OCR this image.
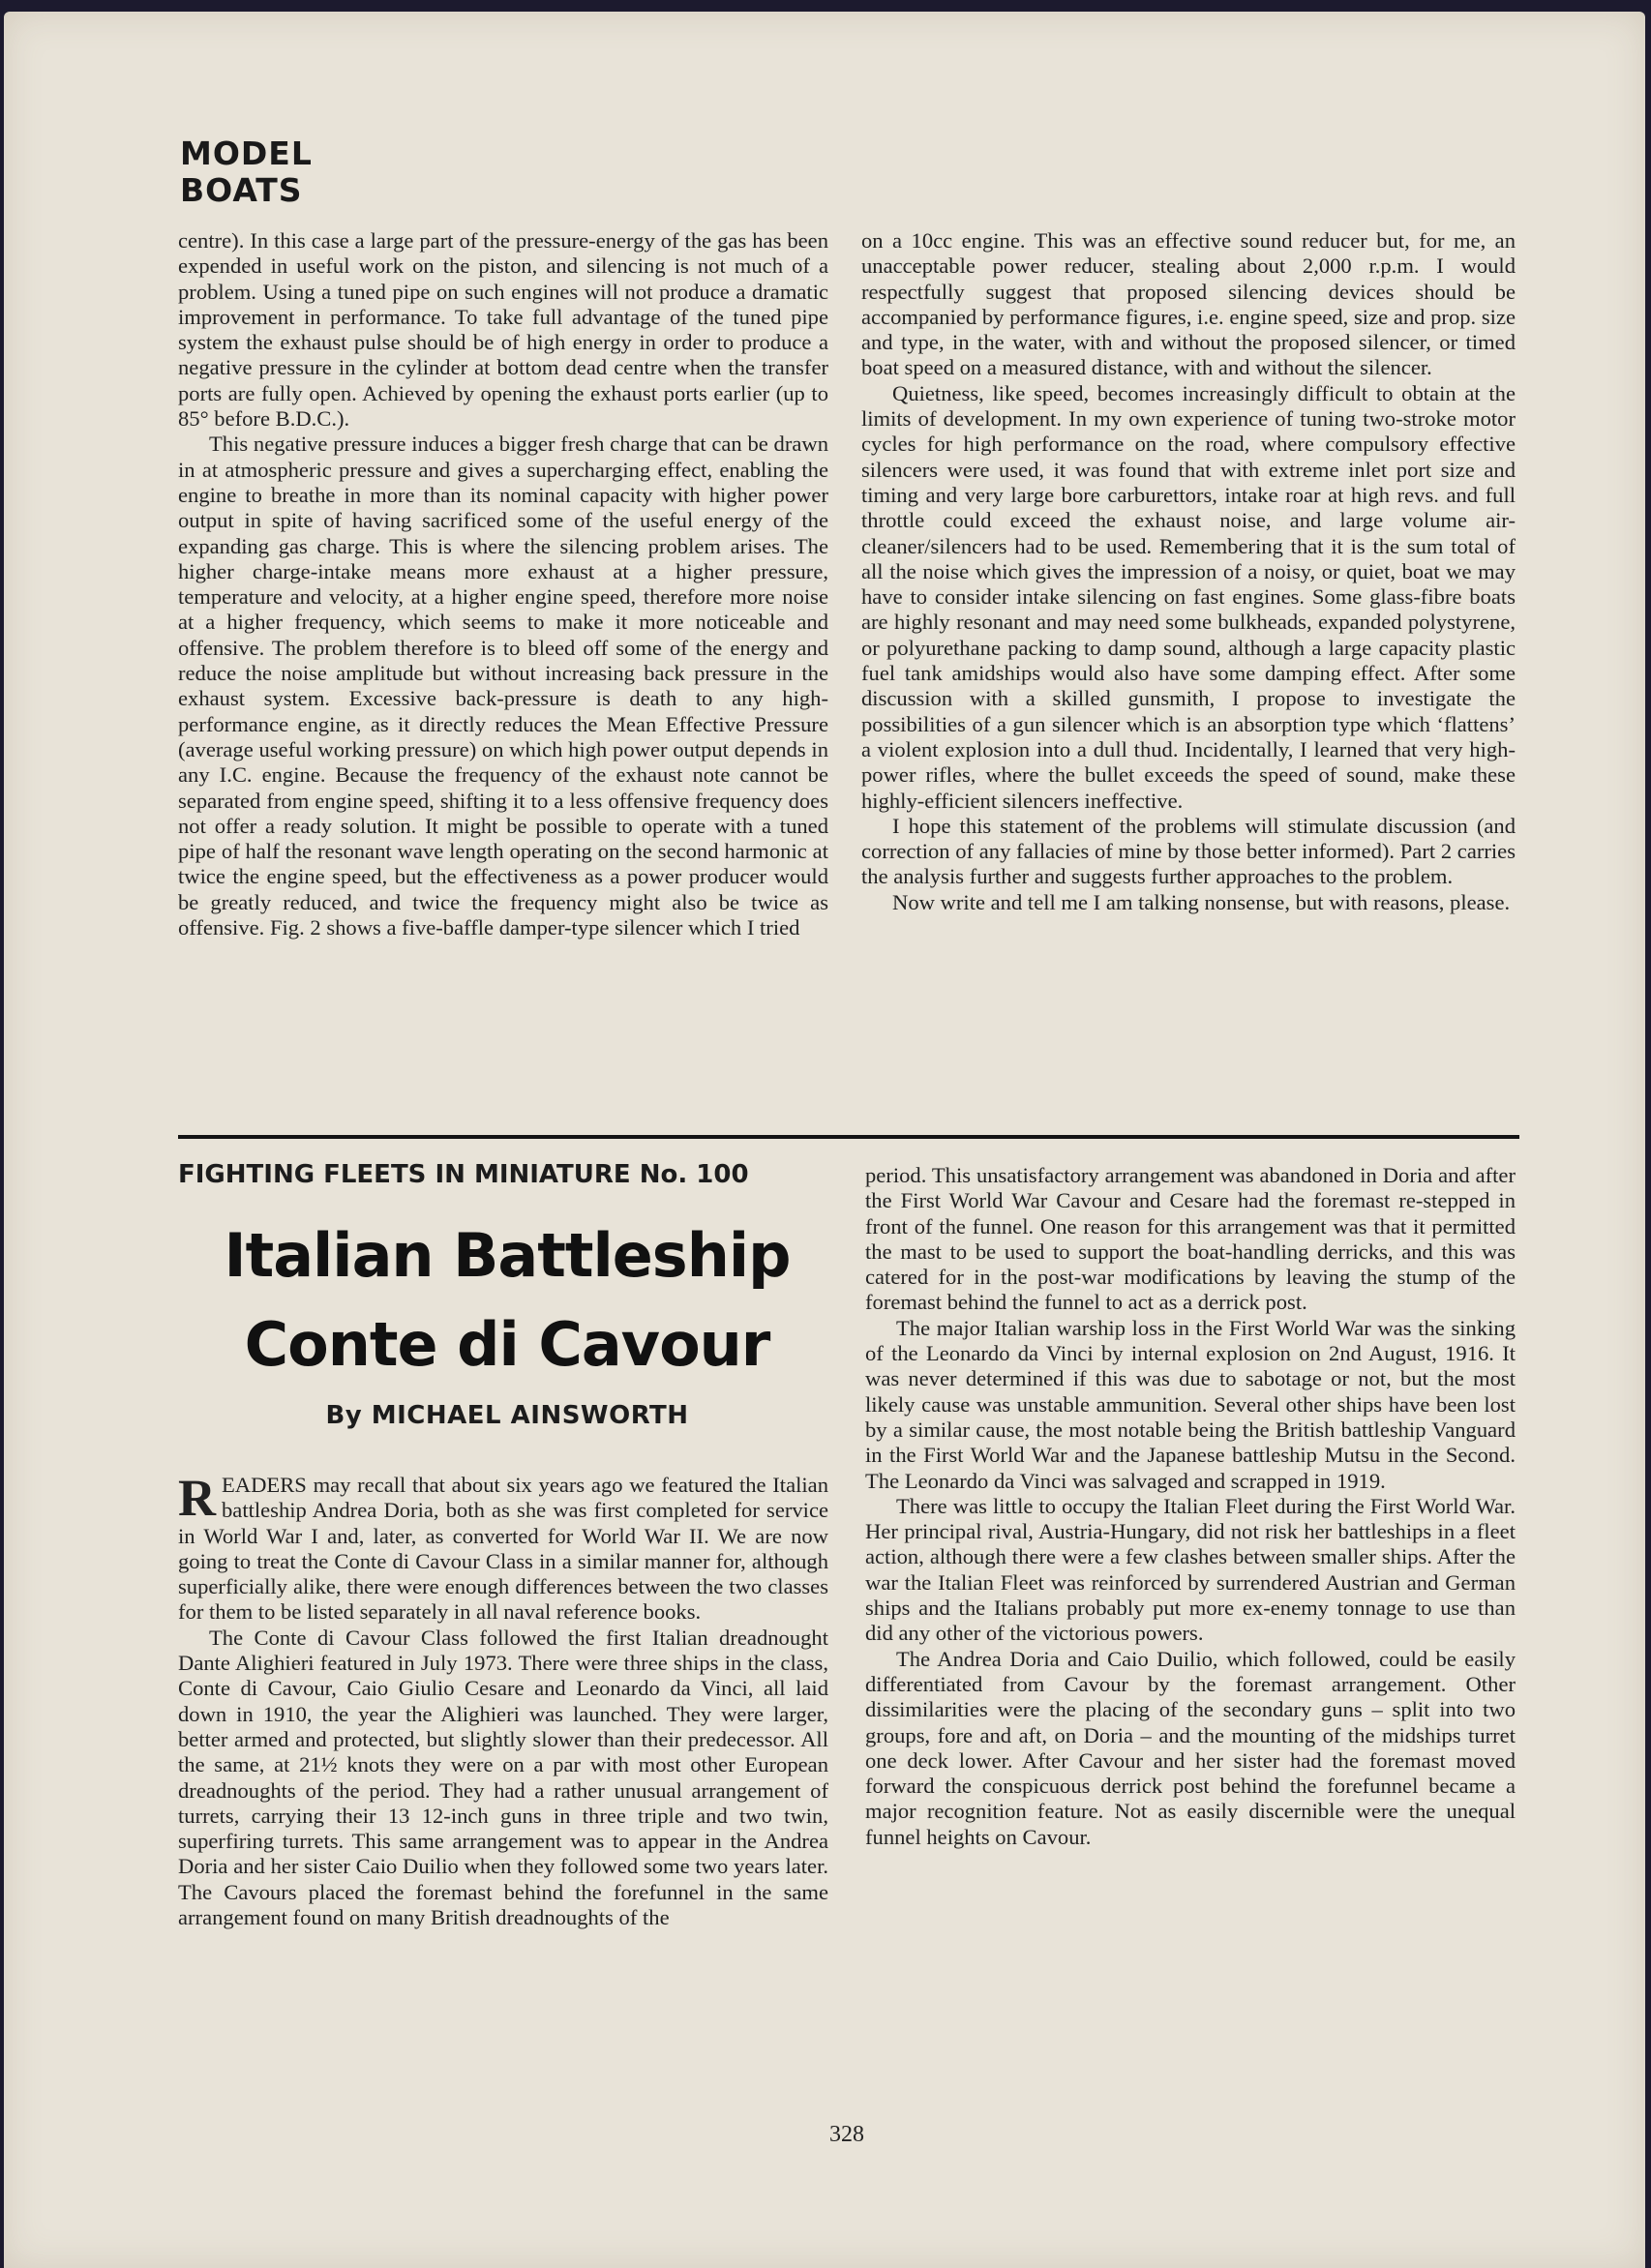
MODEL
BOATS

centre). In this case a large part of the pressure-energy of the gas has been expended in useful work on the piston, and silencing is not much of a problem. Using a tuned pipe on such engines will not produce a dramatic improvement in performance. To take full advantage of the tuned pipe system the exhaust pulse should be of high energy in order to produce a negative pressure in the cylinder at bottom dead centre when the transfer ports are fully open. Achieved by opening the exhaust ports earlier (up to 85° before B.D.C.).

This negative pressure induces a bigger fresh charge that can be drawn in at atmospheric pressure and gives a supercharging effect, enabling the engine to breathe in more than its nominal capacity with higher power output in spite of having sacrificed some of the useful energy of the expanding gas charge. This is where the silencing problem arises. The higher charge-intake means more exhaust at a higher pressure, temperature and velocity, at a higher engine speed, therefore more noise at a higher frequency, which seems to make it more noticeable and offensive. The problem therefore is to bleed off some of the energy and reduce the noise amplitude but without increasing back pressure in the exhaust system. Excessive back-pressure is death to any high-performance engine, as it directly reduces the Mean Effective Pressure (average useful working pressure) on which high power output depends in any I.C. engine. Because the frequency of the exhaust note cannot be separated from engine speed, shifting it to a less offensive frequency does not offer a ready solution. It might be possible to operate with a tuned pipe of half the resonant wave length operating on the second harmonic at twice the engine speed, but the effectiveness as a power producer would be greatly reduced, and twice the frequency might also be twice as offensive. Fig. 2 shows a five-baffle damper-type silencer which I tried

on a 10cc engine. This was an effective sound reducer but, for me, an unacceptable power reducer, stealing about 2,000 r.p.m. I would respectfully suggest that proposed silencing devices should be accompanied by performance figures, i.e. engine speed, size and prop. size and type, in the water, with and without the proposed silencer, or timed boat speed on a measured distance, with and without the silencer.

Quietness, like speed, becomes increasingly difficult to obtain at the limits of development. In my own experience of tuning two-stroke motor cycles for high performance on the road, where compulsory effective silencers were used, it was found that with extreme inlet port size and timing and very large bore carburettors, intake roar at high revs. and full throttle could exceed the exhaust noise, and large volume air-cleaner/silencers had to be used. Remembering that it is the sum total of all the noise which gives the impression of a noisy, or quiet, boat we may have to consider intake silencing on fast engines. Some glass-fibre boats are highly resonant and may need some bulkheads, expanded polystyrene, or polyurethane packing to damp sound, although a large capacity plastic fuel tank amidships would also have some damping effect. After some discussion with a skilled gunsmith, I propose to investigate the possibilities of a gun silencer which is an absorption type which ‘flattens’ a violent explosion into a dull thud. Incidentally, I learned that very high-power rifles, where the bullet exceeds the speed of sound, make these highly-efficient silencers ineffective.

I hope this statement of the problems will stimulate discussion (and correction of any fallacies of mine by those better informed). Part 2 carries the analysis further and suggests further approaches to the problem.

Now write and tell me I am talking nonsense, but with reasons, please.

FIGHTING FLEETS IN MINIATURE No. 100
Italian Battleship
Conte di Cavour
By MICHAEL AINSWORTH

READERS may recall that about six years ago we featured the Italian battleship Andrea Doria, both as she was first completed for service in World War I and, later, as converted for World War II. We are now going to treat the Conte di Cavour Class in a similar manner for, although superficially alike, there were enough differences between the two classes for them to be listed separately in all naval reference books.

The Conte di Cavour Class followed the first Italian dreadnought Dante Alighieri featured in July 1973. There were three ships in the class, Conte di Cavour, Caio Giulio Cesare and Leonardo da Vinci, all laid down in 1910, the year the Alighieri was launched. They were larger, better armed and protected, but slightly slower than their predecessor. All the same, at 21½ knots they were on a par with most other European dreadnoughts of the period. They had a rather unusual arrangement of turrets, carrying their 13 12-inch guns in three triple and two twin, superfiring turrets. This same arrangement was to appear in the Andrea Doria and her sister Caio Duilio when they followed some two years later. The Cavours placed the foremast behind the forefunnel in the same arrangement found on many British dreadnoughts of the

period. This unsatisfactory arrangement was abandoned in Doria and after the First World War Cavour and Cesare had the foremast re-stepped in front of the funnel. One reason for this arrangement was that it permitted the mast to be used to support the boat-handling derricks, and this was catered for in the post-war modifications by leaving the stump of the foremast behind the funnel to act as a derrick post.

The major Italian warship loss in the First World War was the sinking of the Leonardo da Vinci by internal explosion on 2nd August, 1916. It was never determined if this was due to sabotage or not, but the most likely cause was unstable ammunition. Several other ships have been lost by a similar cause, the most notable being the British battleship Vanguard in the First World War and the Japanese battleship Mutsu in the Second. The Leonardo da Vinci was salvaged and scrapped in 1919.

There was little to occupy the Italian Fleet during the First World War. Her principal rival, Austria-Hungary, did not risk her battleships in a fleet action, although there were a few clashes between smaller ships. After the war the Italian Fleet was reinforced by surrendered Austrian and German ships and the Italians probably put more ex-enemy tonnage to use than did any other of the victorious powers.

The Andrea Doria and Caio Duilio, which followed, could be easily differentiated from Cavour by the foremast arrangement. Other dissimilarities were the placing of the secondary guns – split into two groups, fore and aft, on Doria – and the mounting of the midships turret one deck lower. After Cavour and her sister had the foremast moved forward the conspicuous derrick post behind the forefunnel became a major recognition feature. Not as easily discernible were the unequal funnel heights on Cavour.

328
